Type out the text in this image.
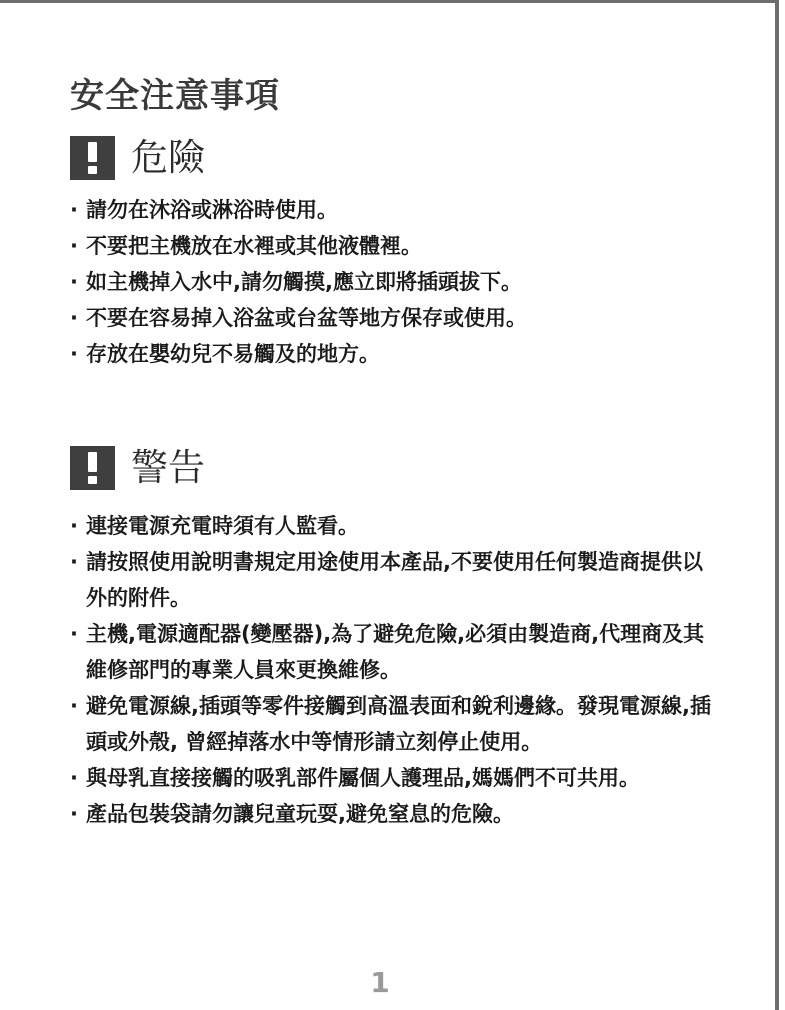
安全注意事項
危險
· 請勿在沐浴或淋浴時使用。
· 不要把主機放在水裡或其他液體裡。
· 如主機掉入水中,請勿觸摸,應立即將插頭拔下。
· 不要在容易掉入浴盆或台盆等地方保存或使用。
· 存放在嬰幼兒不易觸及的地方。
警告
· 連接電源充電時須有人監看。
· 請按照使用說明書規定用途使用本產品,不要使用任何製造商提供以外的附件。
· 主機,電源適配器(變壓器),為了避免危險,必須由製造商,代理商及其維修部門的專業人員來更換維修。
· 避免電源線,插頭等零件接觸到高溫表面和銳利邊緣。發現電源線,插頭或外殼, 曾經掉落水中等情形請立刻停止使用。
· 與母乳直接接觸的吸乳部件屬個人護理品,媽媽們不可共用。
· 產品包裝袋請勿讓兒童玩耍,避免窒息的危險。
1
